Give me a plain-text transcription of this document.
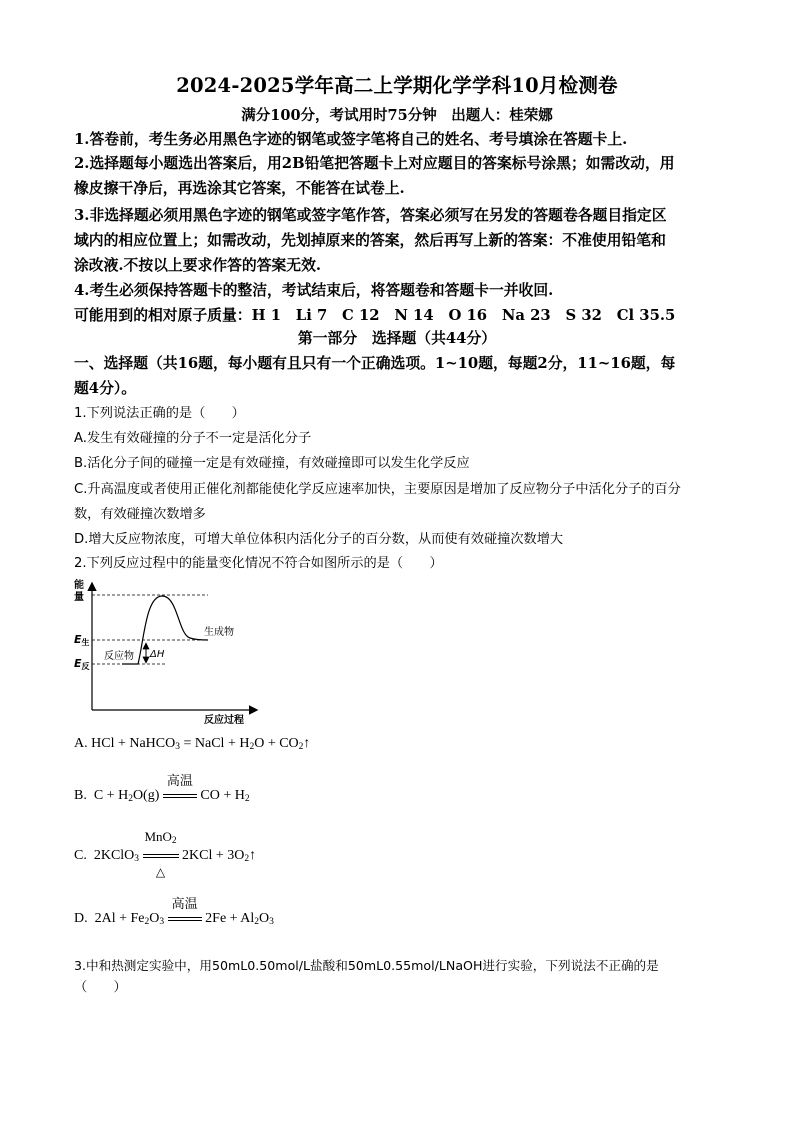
2024-2025学年高二上学期化学学科10月检测卷
满分100分，考试用时75分钟　出题人：桂荣娜
1.答卷前，考生务必用黑色字迹的钢笔或签字笔将自己的姓名、考号填涂在答题卡上.
2.选择题每小题选出答案后，用2B铅笔把答题卡上对应题目的答案标号涂黑；如需改动，用
橡皮擦干净后，再选涂其它答案，不能答在试卷上.
3.非选择题必须用黑色字迹的钢笔或签字笔作答，答案必须写在另发的答题卷各题目指定区
域内的相应位置上；如需改动，先划掉原来的答案，然后再写上新的答案：不准使用铅笔和
涂改液.不按以上要求作答的答案无效.
4.考生必须保持答题卡的整洁，考试结束后，将答题卷和答题卡一并收回.
可能用到的相对原子质量：H 1　Li 7　C 12　N 14　O 16　Na 23　S 32　Cl 35.5
第一部分　选择题（共44分）
一、选择题（共16题，每小题有且只有一个正确选项。1~10题，每题2分，11~16题，每
题4分）。
1.下列说法正确的是（　　）
A.发生有效碰撞的分子不一定是活化分子
B.活化分子间的碰撞一定是有效碰撞，有效碰撞即可以发生化学反应
C.升高温度或者使用正催化剂都能使化学反应速率加快，主要原因是增加了反应物分子中活化分子的百分
数，有效碰撞次数增多
D.增大反应物浓度，可增大单位体积内活化分子的百分数，从而使有效碰撞次数增大
2.下列反应过程中的能量变化情况不符合如图所示的是（　　）
能
量
E生
E反
生成物
反应物 ΔH
反应过程
A. HCl + NaHCO$_3$ = NaCl + $H_2O$ + $CO_2↑$
B. $C + H_2O(g)$
高温
CO + $H_2$
C. 2KClO$_3$
MnO$_2$
△
$2KCl + 3O_2↑$
D. $2Al + Fe_2O_3$
高温
$2Fe + Al_2O_3$
3.中和热测定实验中，用50mL0.50mol/L盐酸和50mL0.55mol/LNaOH进行实验，下列说法不正确的是
（　　）
